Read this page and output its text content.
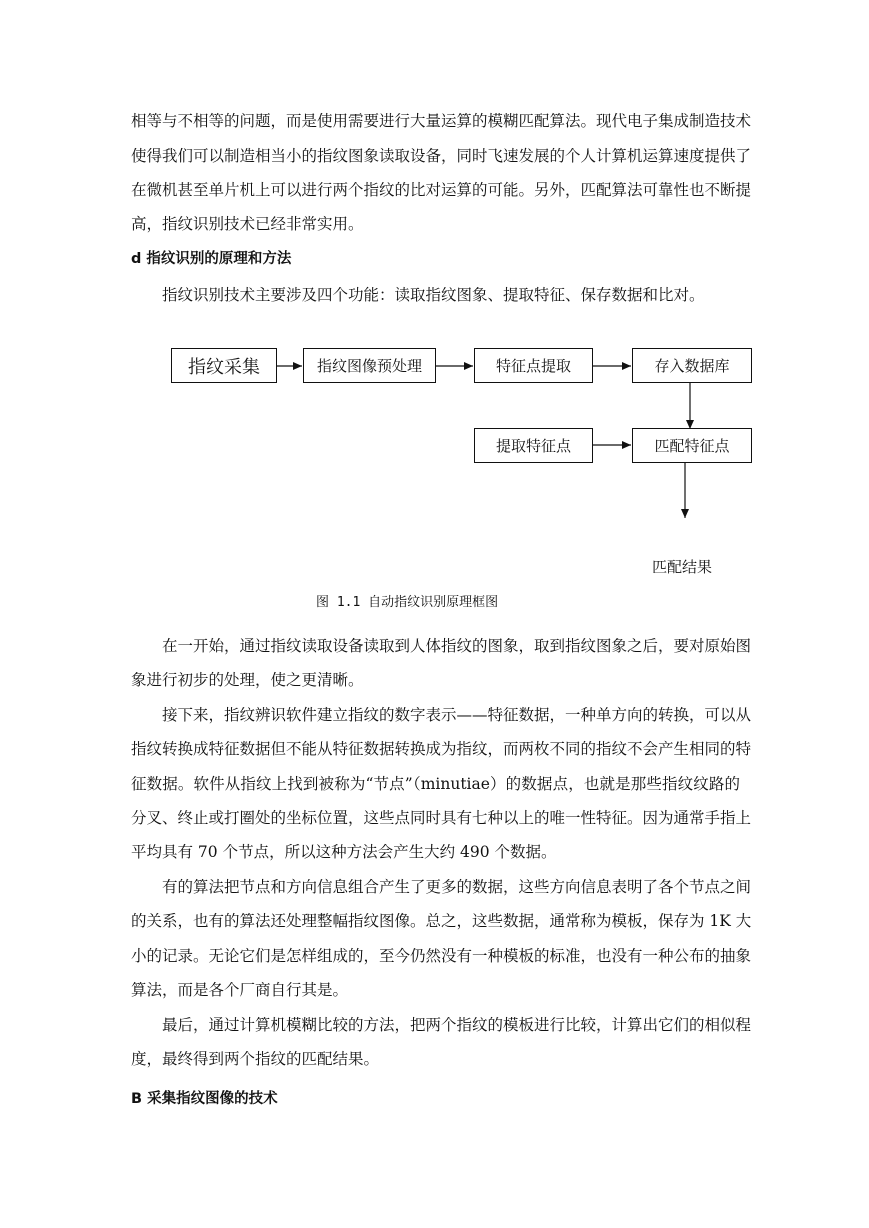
相等与不相等的问题，而是使用需要进行大量运算的模糊匹配算法。现代电子集成制造技术
使得我们可以制造相当小的指纹图象读取设备，同时飞速发展的个人计算机运算速度提供了
在微机甚至单片机上可以进行两个指纹的比对运算的可能。另外，匹配算法可靠性也不断提
高，指纹识别技术已经非常实用。
d 指纹识别的原理和方法
指纹识别技术主要涉及四个功能：读取指纹图象、提取特征、保存数据和比对。
指纹采集	指纹图像预处理	特征点提取	存入数据库
提取特征点	匹配特征点
匹配结果
图 1.1 自动指纹识别原理框图
在一开始，通过指纹读取设备读取到人体指纹的图象，取到指纹图象之后，要对原始图
象进行初步的处理，使之更清晰。
接下来，指纹辨识软件建立指纹的数字表示——特征数据，一种单方向的转换，可以从
指纹转换成特征数据但不能从特征数据转换成为指纹，而两枚不同的指纹不会产生相同的特
征数据。软件从指纹上找到被称为“节点”（minutiae）的数据点，也就是那些指纹纹路的
分叉、终止或打圈处的坐标位置，这些点同时具有七种以上的唯一性特征。因为通常手指上
平均具有 70 个节点，所以这种方法会产生大约 490 个数据。
有的算法把节点和方向信息组合产生了更多的数据，这些方向信息表明了各个节点之间
的关系，也有的算法还处理整幅指纹图像。总之，这些数据，通常称为模板，保存为 1K 大
小的记录。无论它们是怎样组成的，至今仍然没有一种模板的标准，也没有一种公布的抽象
算法，而是各个厂商自行其是。
最后，通过计算机模糊比较的方法，把两个指纹的模板进行比较，计算出它们的相似程
度，最终得到两个指纹的匹配结果。
B 采集指纹图像的技术
